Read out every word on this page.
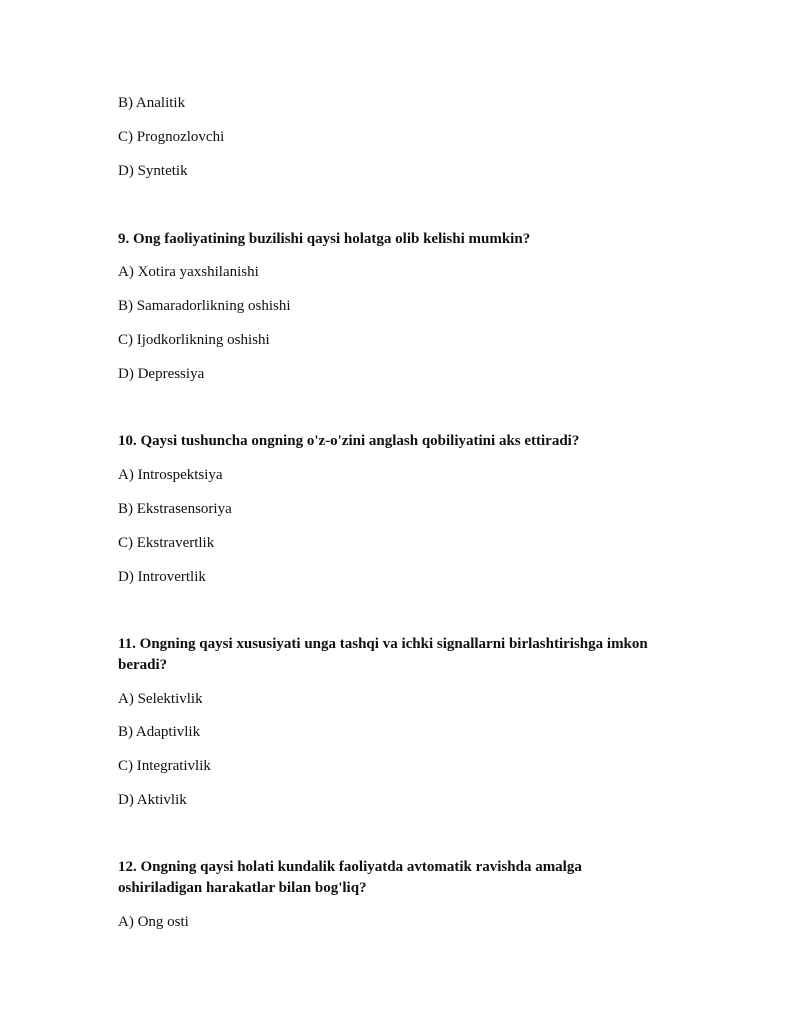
B) Analitik
C) Prognozlovchi
D) Syntetik
9. Ong faoliyatining buzilishi qaysi holatga olib kelishi mumkin?
A) Xotira yaxshilanishi
B) Samaradorlikning oshishi
C) Ijodkorlikning oshishi
D) Depressiya
10. Qaysi tushuncha ongning o'z-o'zini anglash qobiliyatini aks ettiradi?
A) Introspektsiya
B) Ekstrasensoriya
C) Ekstravertlik
D) Introvertlik
11. Ongning qaysi xususiyati unga tashqi va ichki signallarni birlashtirishga imkon
beradi?
A) Selektivlik
B) Adaptivlik
C) Integrativlik
D) Aktivlik
12. Ongning qaysi holati kundalik faoliyatda avtomatik ravishda amalga
oshiriladigan harakatlar bilan bog'liq?
A) Ong osti
